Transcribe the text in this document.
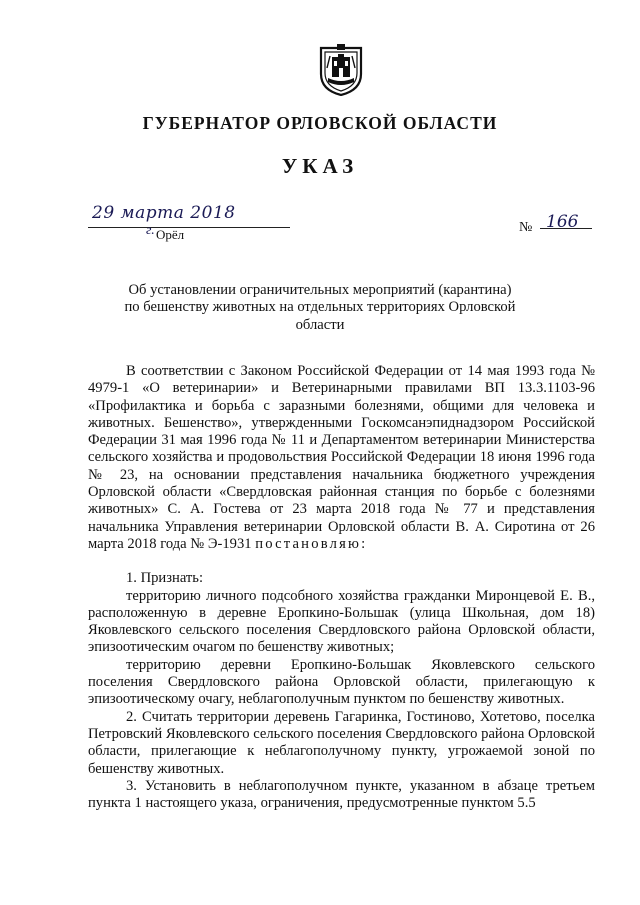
ГУБЕРНАТОР ОРЛОВСКОЙ ОБЛАСТИ
УКАЗ
29 марта 2018
г. Орёл	№ 166
Об установлении ограничительных мероприятий (карантина) по бешенству животных на отдельных территориях Орловской области

В соответствии с Законом Российской Федерации от 14 мая 1993 года № 4979-1 «О ветеринарии» и Ветеринарными правилами ВП 13.3.1103-96 «Профилактика и борьба с заразными болезнями, общими для человека и животных. Бешенство», утвержденными Госкомсанэпиднадзором Российской Федерации 31 мая 1996 года № 11 и Департаментом ветеринарии Министерства сельского хозяйства и продовольствия Российской Федерации 18 июня 1996 года № 23, на основании представления начальника бюджетного учреждения Орловской области «Свердловская районная станция по борьбе с болезнями животных» С. А. Гостева от 23 марта 2018 года № 77 и представления начальника Управления ветеринарии Орловской области В. А. Сиротина от 26 марта 2018 года № Э-1931 постановляю:

1. Признать:

территорию личного подсобного хозяйства гражданки Миронцевой Е. В., расположенную в деревне Еропкино-Большак (улица Школьная, дом 18) Яковлевского сельского поселения Свердловского района Орловской области, эпизоотическим очагом по бешенству животных;

территорию деревни Еропкино-Большак Яковлевского сельского поселения Свердловского района Орловской области, прилегающую к эпизоотическому очагу, неблагополучным пунктом по бешенству животных.

2. Считать территории деревень Гагаринка, Гостиново, Хотетово, поселка Петровский Яковлевского сельского поселения Свердловского района Орловской области, прилегающие к неблагополучному пункту, угрожаемой зоной по бешенству животных.

3. Установить в неблагополучном пункте, указанном в абзаце третьем пункта 1 настоящего указа, ограничения, предусмотренные пунктом 5.5
